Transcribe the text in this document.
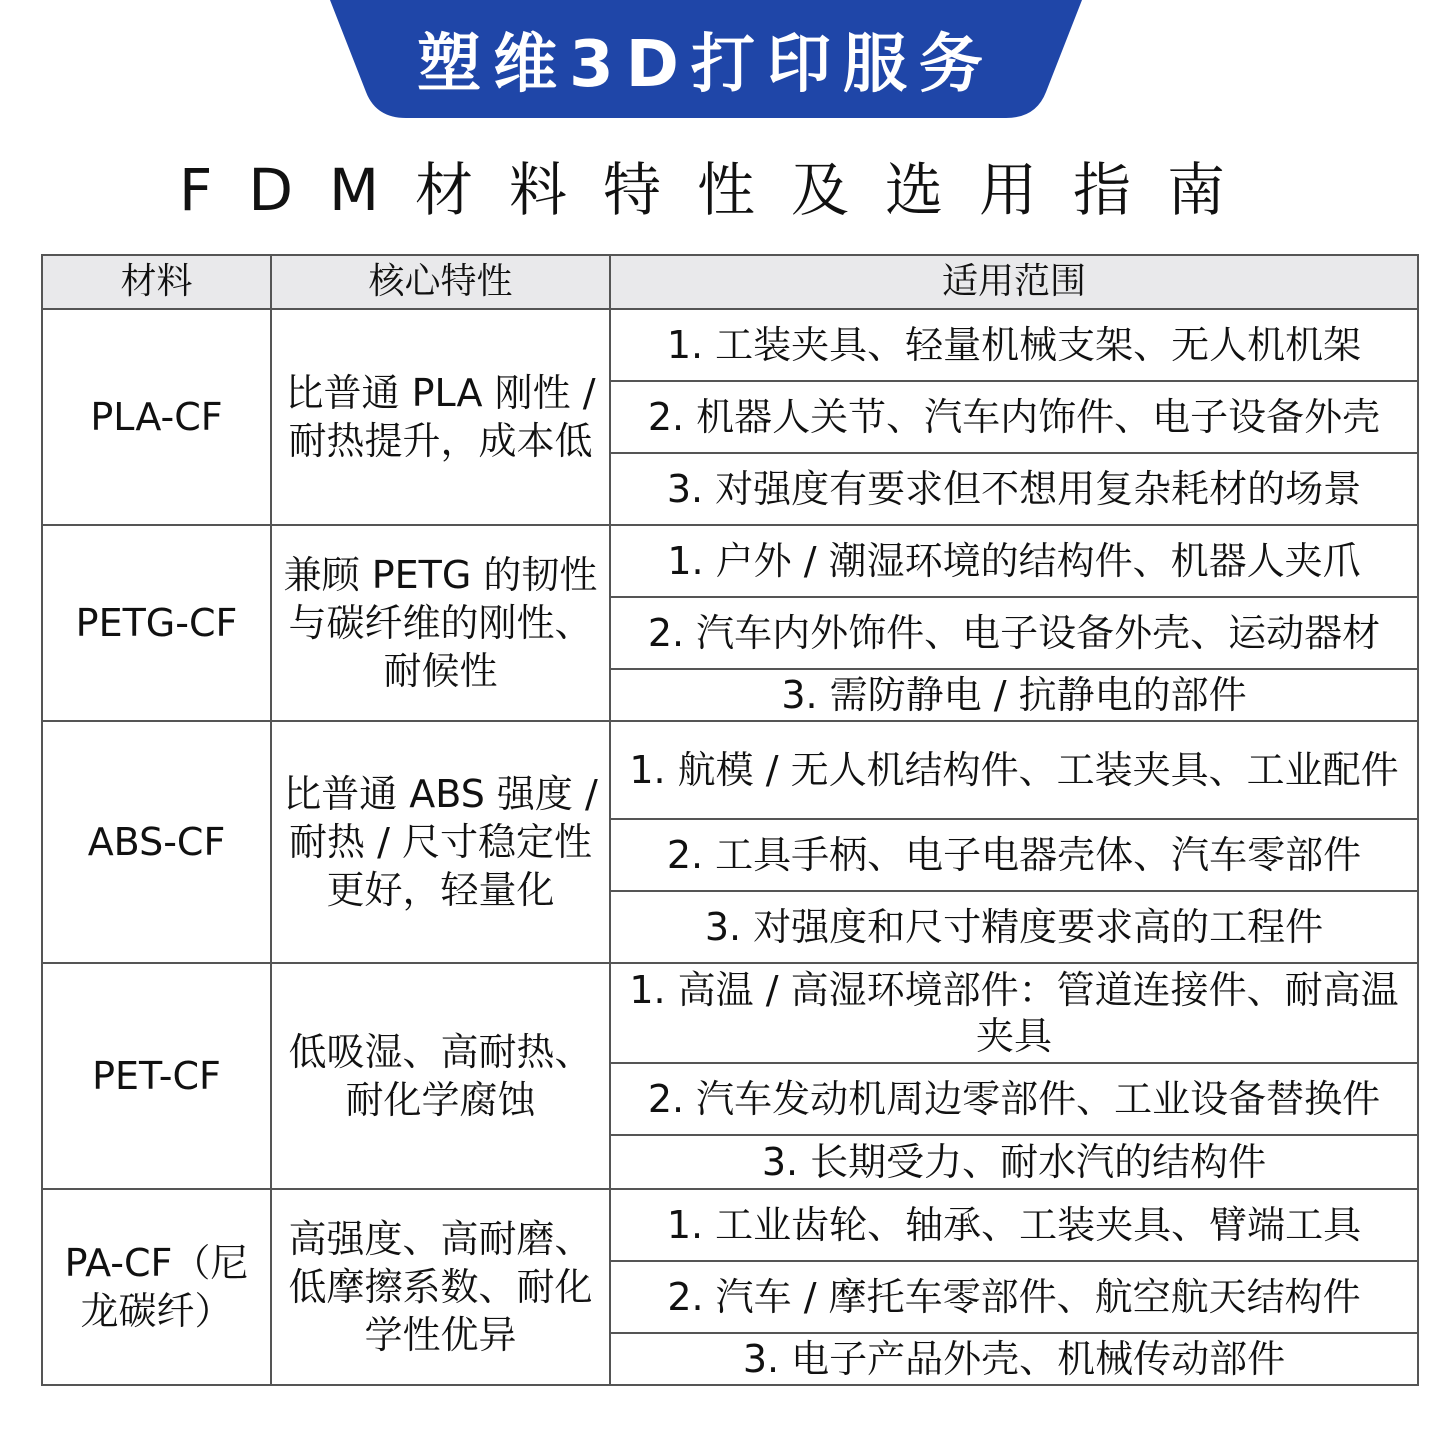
塑维3D打印服务
FDM材料特性及选用指南
材料	核心特性	适用范围
PLA-CF	比普通 PLA 刚性 / 耐热提升，成本低	1. 工装夹具、轻量机械支架、无人机机架
		2. 机器人关节、汽车内饰件、电子设备外壳
		3. 对强度有要求但不想用复杂耗材的场景
PETG-CF	兼顾 PETG 的韧性与碳纤维的刚性、耐候性	1. 户外 / 潮湿环境的结构件、机器人夹爪
		2. 汽车内外饰件、电子设备外壳、运动器材
		3. 需防静电 / 抗静电的部件
ABS-CF	比普通 ABS 强度 / 耐热 / 尺寸稳定性更好，轻量化	1. 航模 / 无人机结构件、工装夹具、工业配件
		2. 工具手柄、电子电器壳体、汽车零部件
		3. 对强度和尺寸精度要求高的工程件
PET-CF	低吸湿、高耐热、耐化学腐蚀	1. 高温 / 高湿环境部件：管道连接件、耐高温夹具
		2. 汽车发动机周边零部件、工业设备替换件
		3. 长期受力、耐水汽的结构件
PA-CF（尼龙碳纤）	高强度、高耐磨、低摩擦系数、耐化学性优异	1. 工业齿轮、轴承、工装夹具、臂端工具
		2. 汽车 / 摩托车零部件、航空航天结构件
		3. 电子产品外壳、机械传动部件
